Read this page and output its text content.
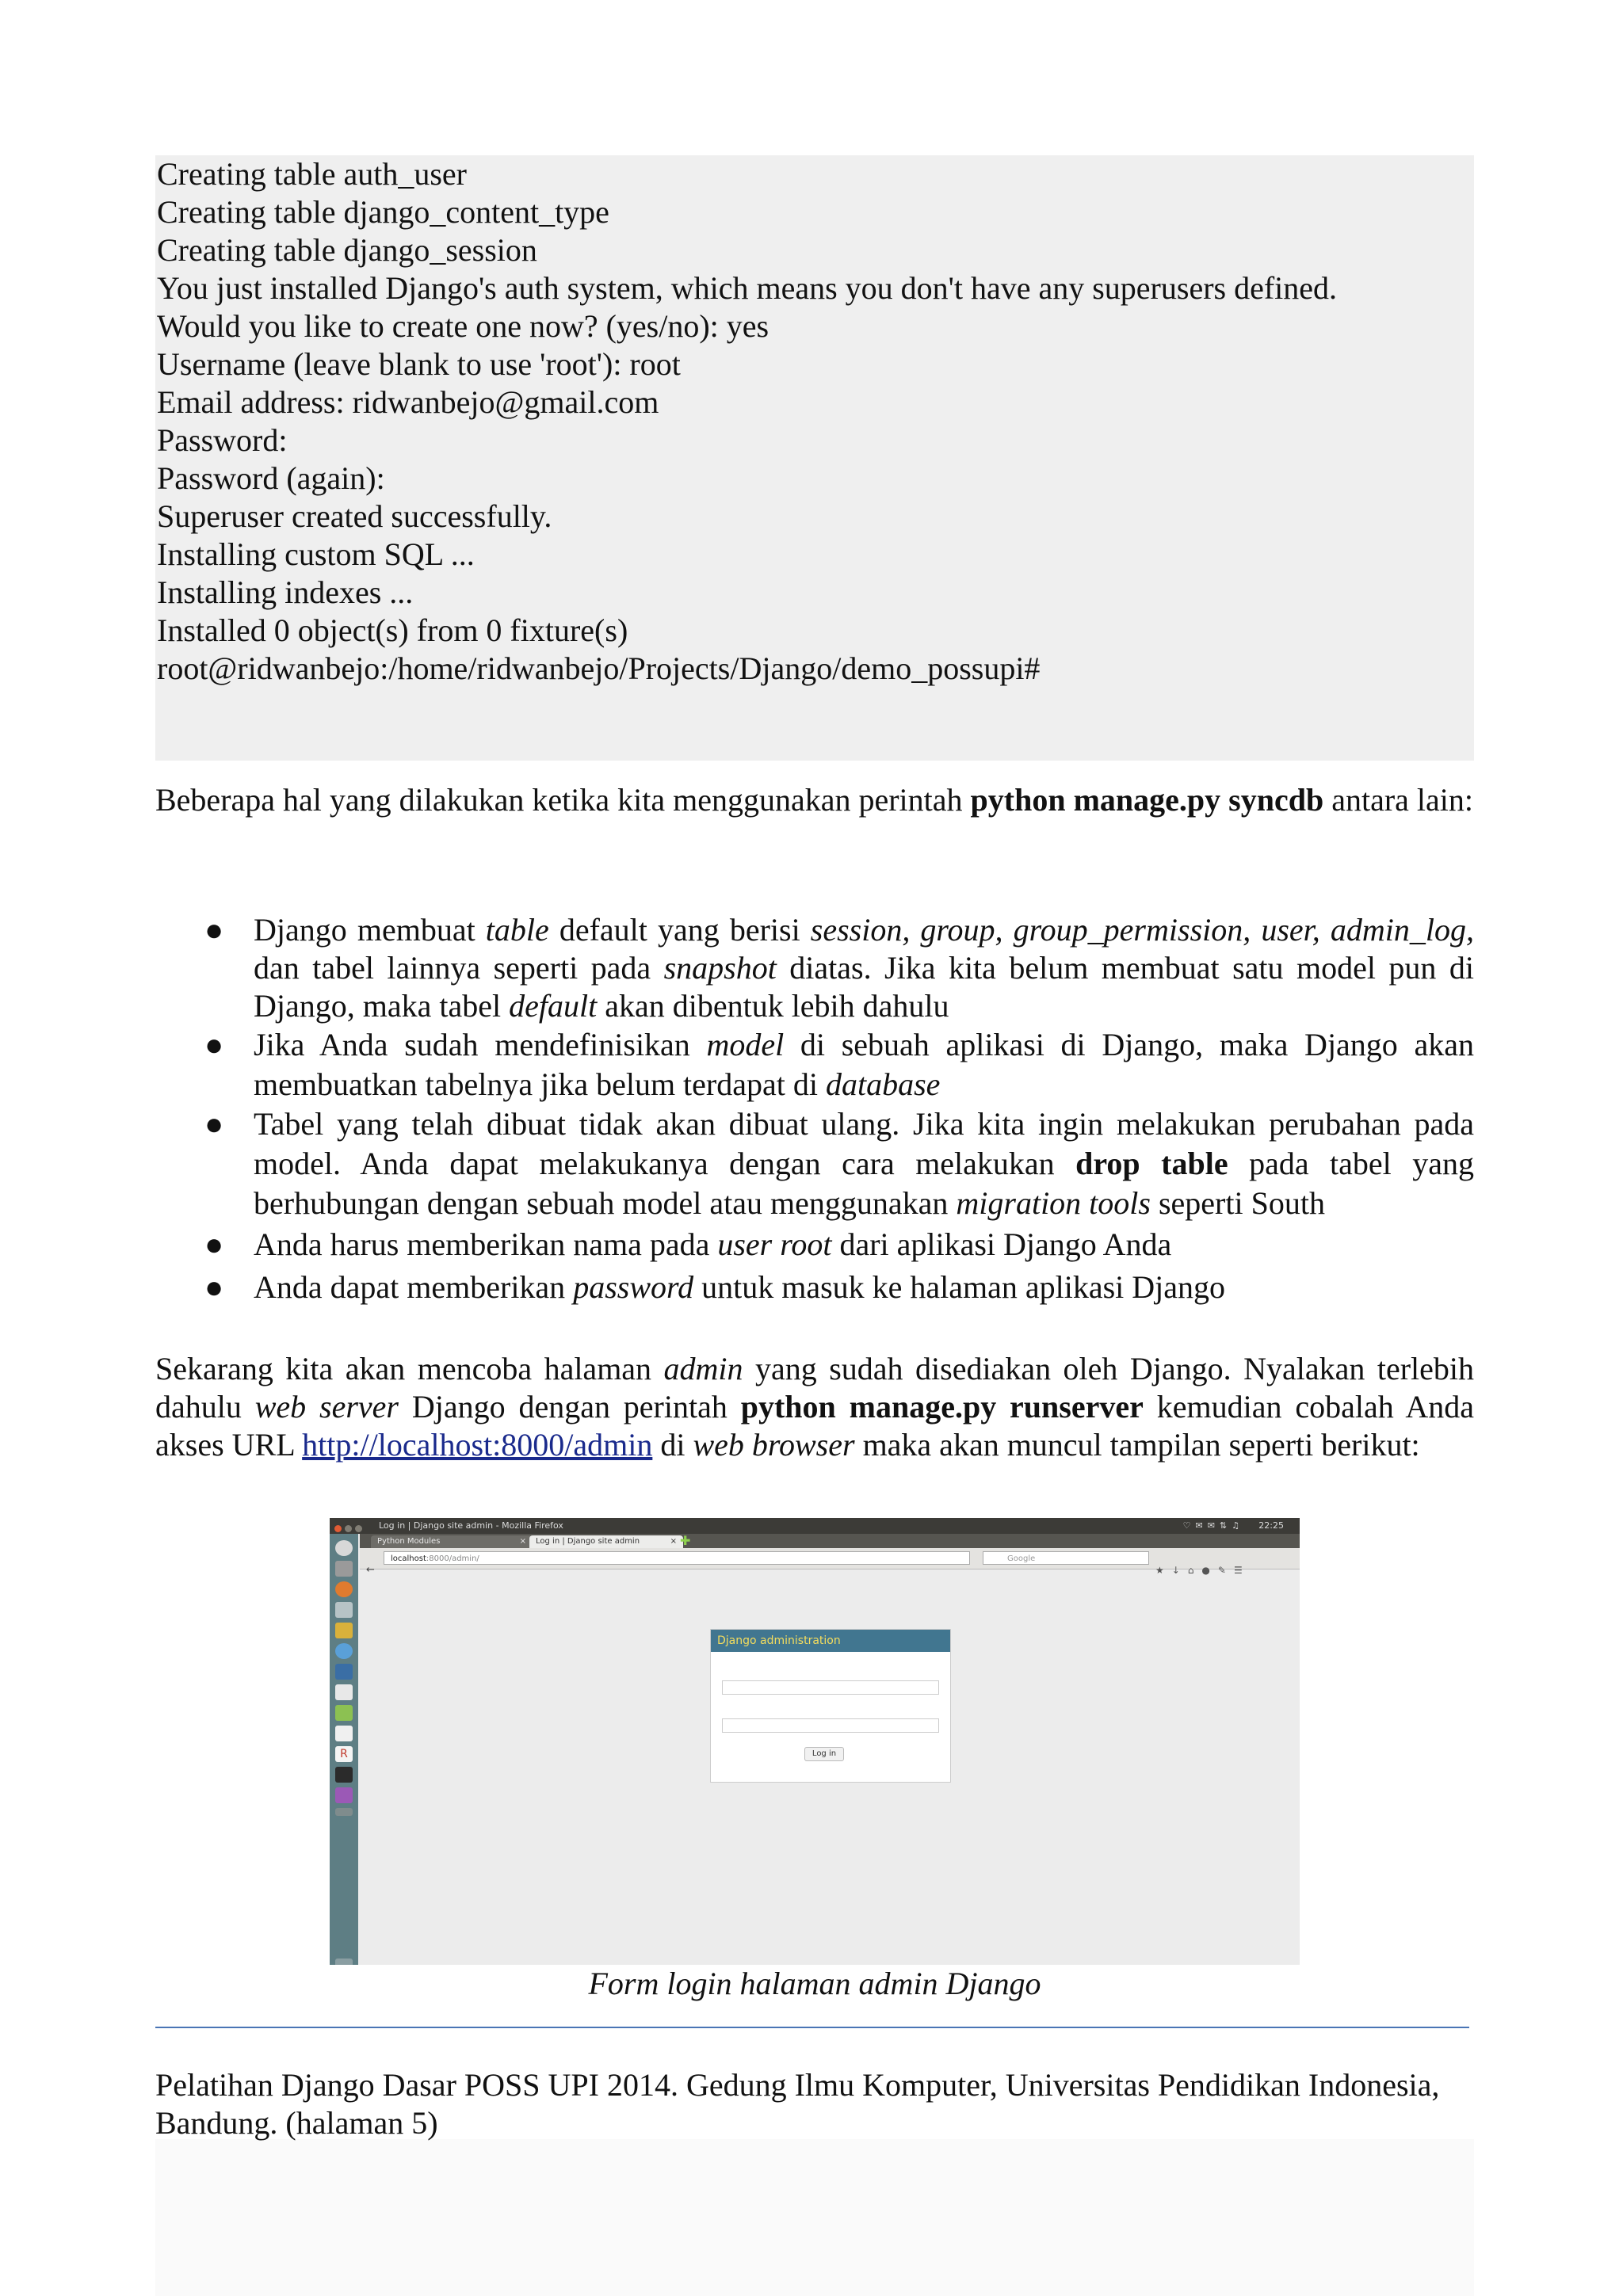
Creating table auth_user
Creating table django_content_type
Creating table django_session
You just installed Django's auth system, which means you don't have any superusers defined.
Would you like to create one now? (yes/no): yes
Username (leave blank to use 'root'): root
Email address: ridwanbejo@gmail.com
Password:
Password (again):
Superuser created successfully.
Installing custom SQL ...
Installing indexes ...
Installed 0 object(s) from 0 fixture(s)
root@ridwanbejo:/home/ridwanbejo/Projects/Django/demo_possupi#

Beberapa hal yang dilakukan ketika kita menggunakan perintah python manage.py syncdb antara lain:

● Django membuat table default yang berisi session, group, group_permission, user, admin_log, dan tabel lainnya seperti pada snapshot diatas. Jika kita belum membuat satu model pun di Django, maka tabel default akan dibentuk lebih dahulu
● Jika Anda sudah mendefinisikan model di sebuah aplikasi di Django, maka Django akan membuatkan tabelnya jika belum terdapat di database
● Tabel yang telah dibuat tidak akan dibuat ulang. Jika kita ingin melakukan perubahan pada model. Anda dapat melakukanya dengan cara melakukan drop table pada tabel yang berhubungan dengan sebuah model atau menggunakan migration tools seperti South
● Anda harus memberikan nama pada user root dari aplikasi Django Anda
● Anda dapat memberikan password untuk masuk ke halaman aplikasi Django

Sekarang kita akan mencoba halaman admin yang sudah disediakan oleh Django. Nyalakan terlebih dahulu web server Django dengan perintah python manage.py runserver kemudian cobalah Anda akses URL http://localhost:8000/admin di web browser maka akan muncul tampilan seperti berikut:

Log in | Django site admin - Mozilla Firefox	♡✉✉⇅♫ 22:25
R
Python Modules	×	Log in | Django site admin	× ✚
←
localhost:8000/admin/	Google
★↓⌂●✎☰
Django administration
Log in
Form login halaman admin Django
Pelatihan Django Dasar POSS UPI 2014. Gedung Ilmu Komputer, Universitas Pendidikan Indonesia, Bandung. (halaman 5)
